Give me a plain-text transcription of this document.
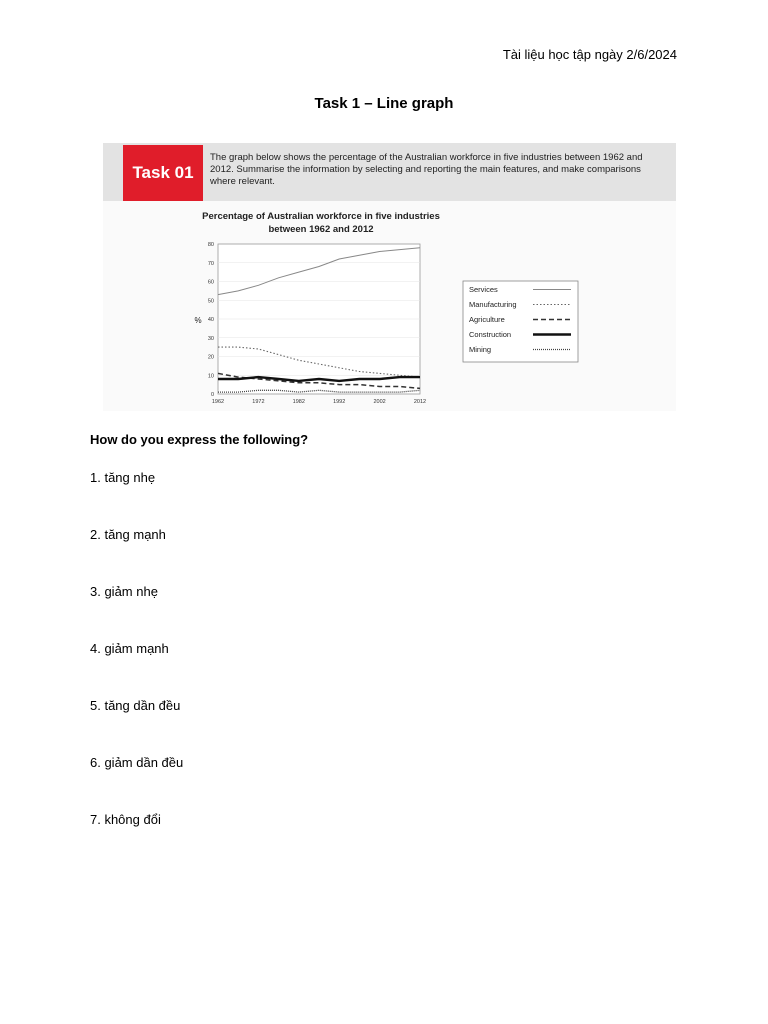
Tài liệu học tập ngày 2/6/2024
Task 1 – Line graph
Task 01
The graph below shows the percentage of the Australian workforce in five industries between 1962 and 2012. Summarise the information by selecting and reporting the main features, and make comparisons where relevant.
Percentage of Australian workforce in five industries
between 1962 and 2012
%
0
10
20
30
40
50
60
70
80
1962	1972	1982	1992	2002	2012
Services
Manufacturing
Agriculture
Construction
Mining
How do you express the following?
1. tăng nhẹ
2. tăng mạnh
3. giảm nhẹ
4. giảm mạnh
5. tăng dần đều
6. giảm dần đều
7. không đổi
